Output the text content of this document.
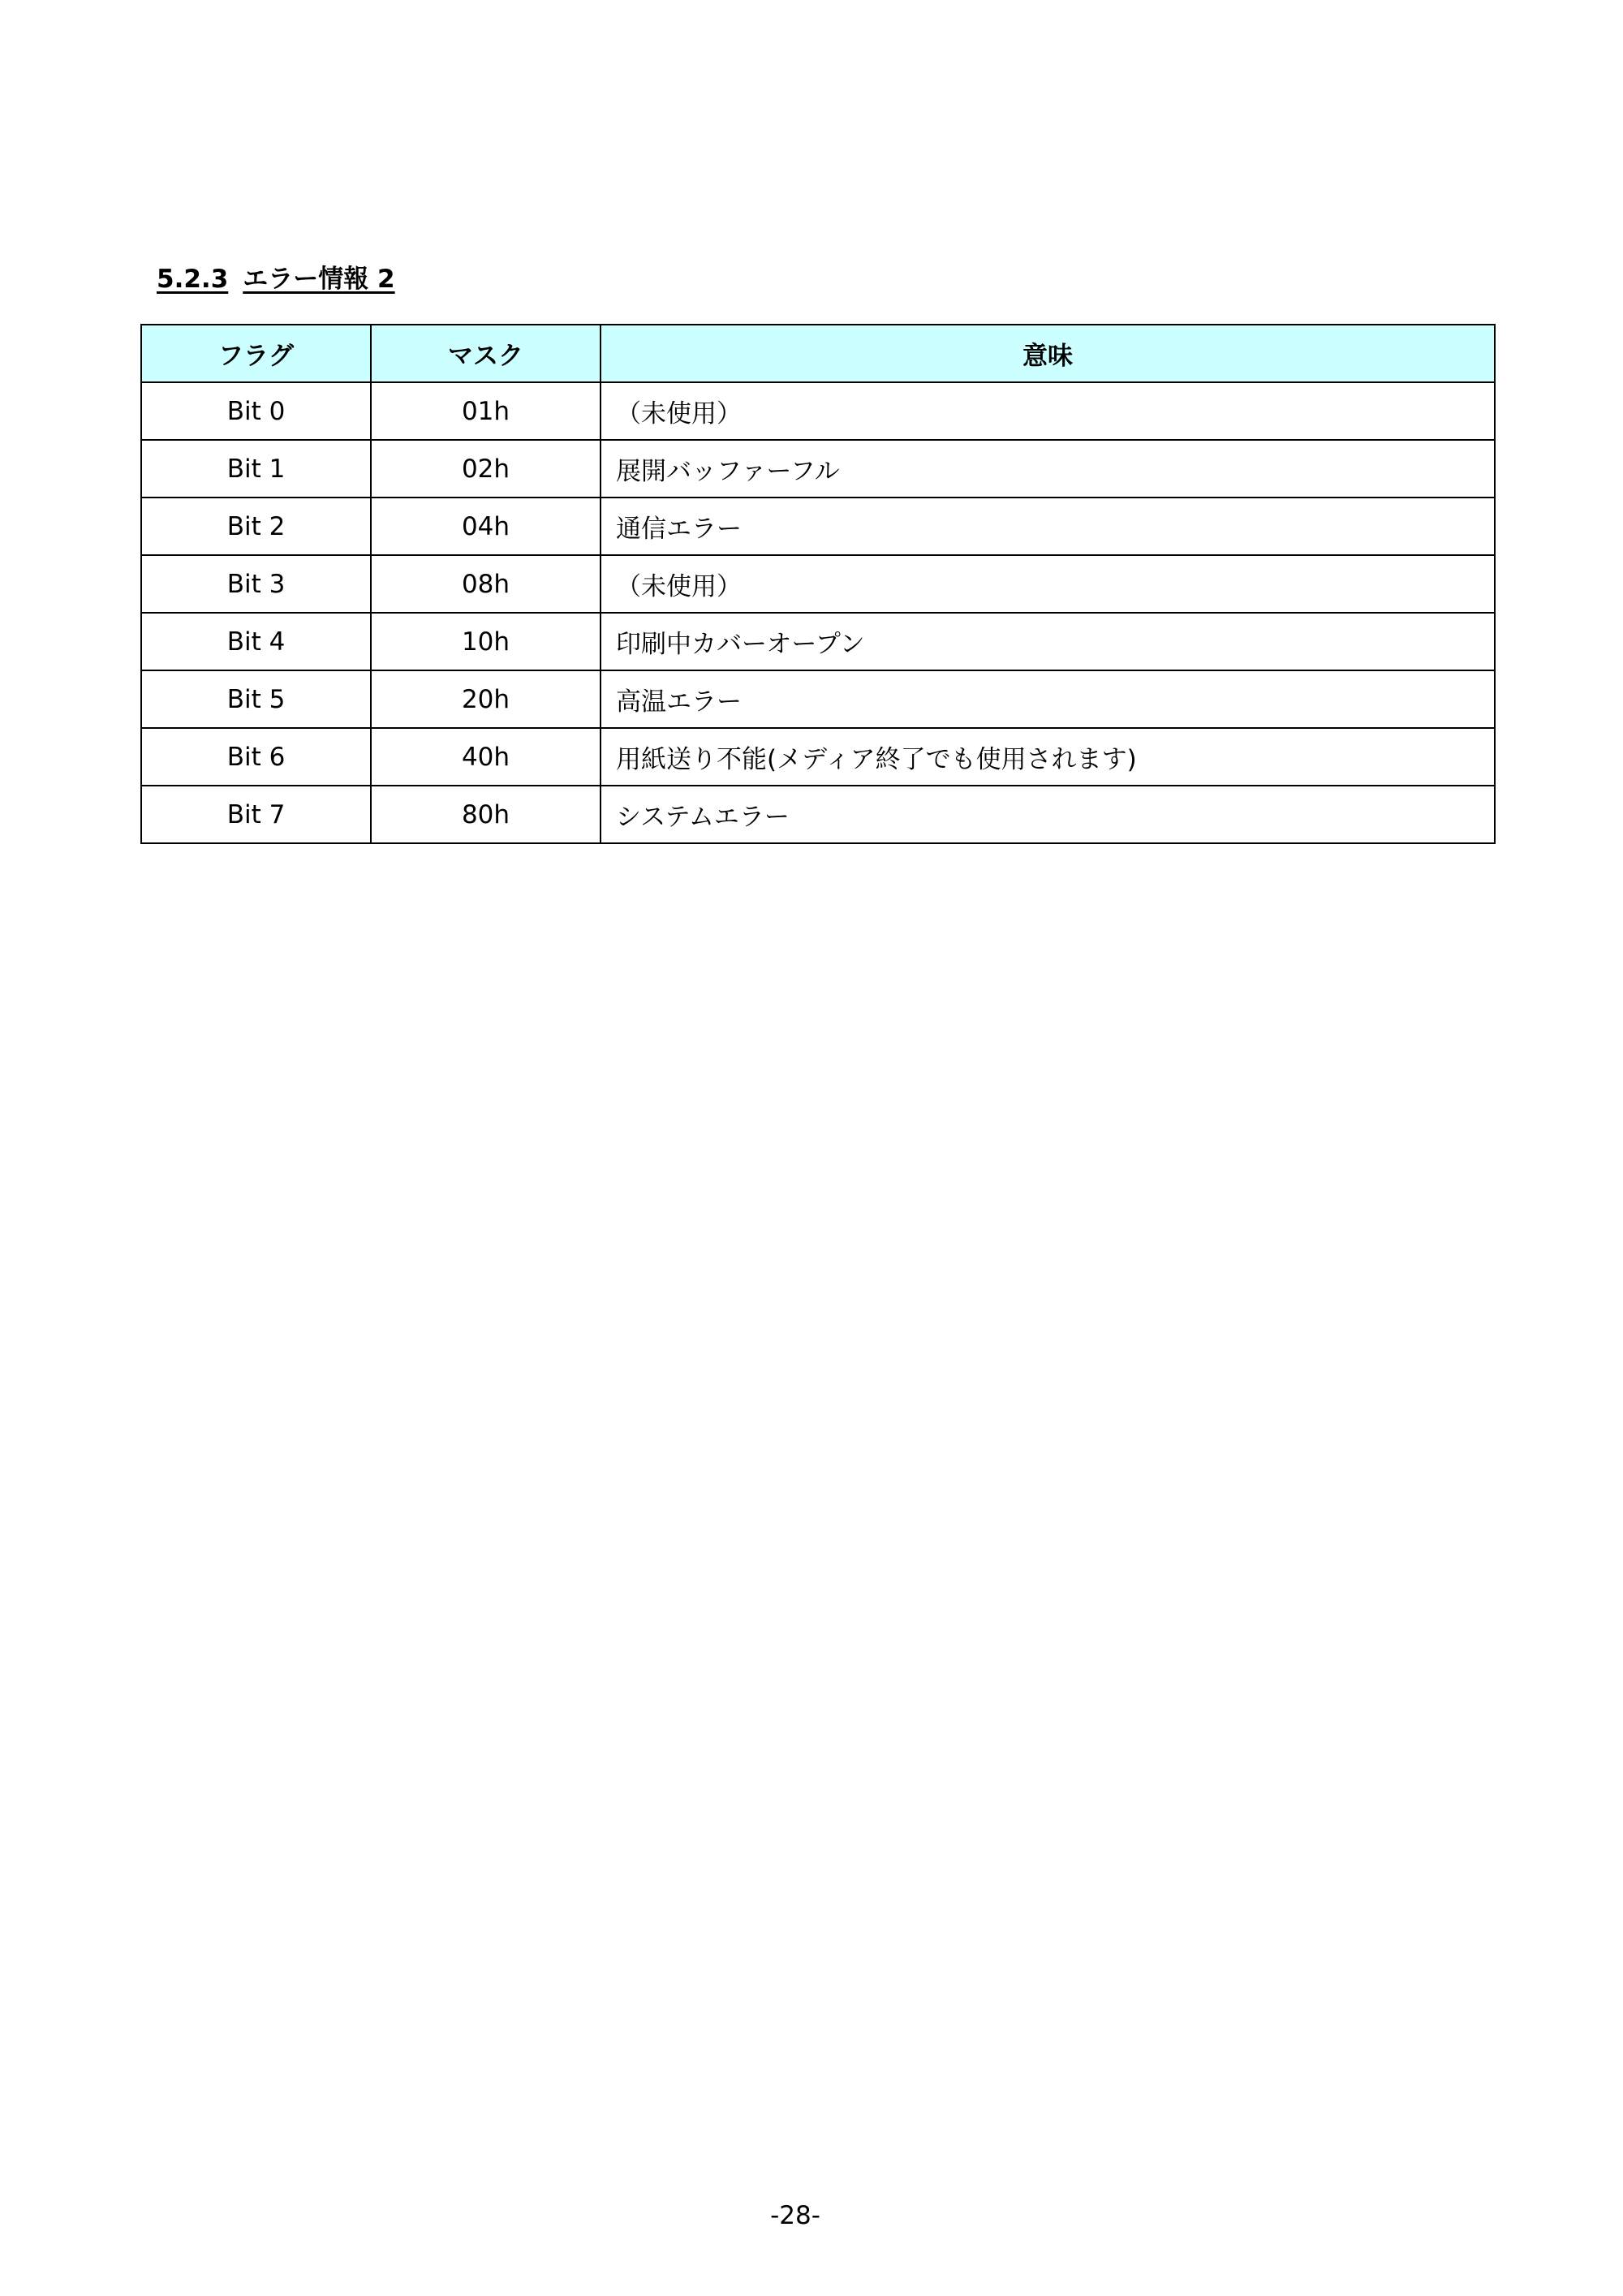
5.2.3 エラー情報 2
フラグ	マスク	意味
Bit 0	01h	（未使用）
Bit 1	02h	展開バッファーフル
Bit 2	04h	通信エラー
Bit 3	08h	（未使用）
Bit 4	10h	印刷中カバーオープン
Bit 5	20h	高温エラー
Bit 6	40h	用紙送り不能(メディア終了でも使用されます)
Bit 7	80h	システムエラー
-28-
